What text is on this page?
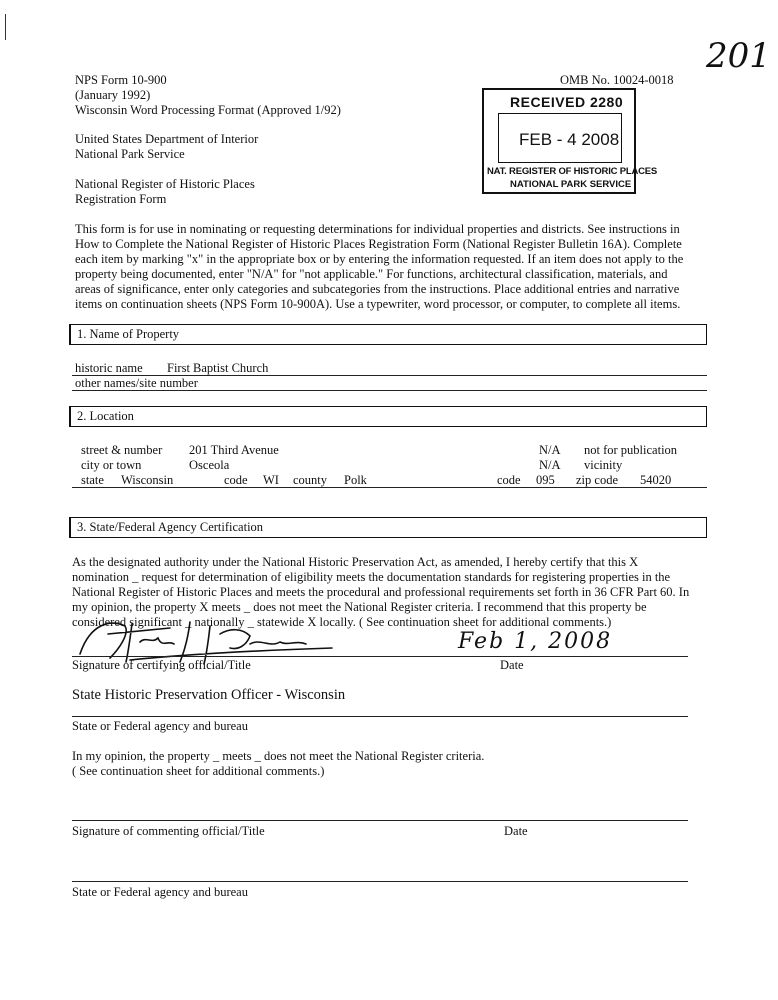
201
NPS Form 10-900
(January 1992)
Wisconsin Word Processing Format (Approved 1/92)
United States Department of Interior
National Park Service
National Register of Historic Places
Registration Form
OMB No. 10024-0018
RECEIVED 2280
FEB - 4 2008
NAT. REGISTER OF HISTORIC PLACES
NATIONAL PARK SERVICE
This form is for use in nominating or requesting determinations for individual properties and districts. See instructions in
How to Complete the National Register of Historic Places Registration Form (National Register Bulletin 16A). Complete
each item by marking "x" in the appropriate box or by entering the information requested. If an item does not apply to the
property being documented, enter "N/A" for "not applicable." For functions, architectural classification, materials, and
areas of significance, enter only categories and subcategories from the instructions. Place additional entries and narrative
items on continuation sheets (NPS Form 10-900A). Use a typewriter, word processor, or computer, to complete all items.
1. Name of Property
historic name First Baptist Church
other names/site number
2. Location
street & number 201 Third Avenue	N/A not for publication
city or town	Osceola	N/A vicinity
state Wisconsin	code WI county Polk	code 095 zip code 54020
3. State/Federal Agency Certification
As the designated authority under the National Historic Preservation Act, as amended, I hereby certify that this X
nomination _ request for determination of eligibility meets the documentation standards for registering properties in the
National Register of Historic Places and meets the procedural and professional requirements set forth in 36 CFR Part 60. In
my opinion, the property X meets _ does not meet the National Register criteria. I recommend that this property be
considered significant _ nationally _ statewide X locally. ( See continuation sheet for additional comments.)
Feb 1, 2008
Signature of certifying official/Title	Date
State Historic Preservation Officer - Wisconsin
State or Federal agency and bureau
In my opinion, the property _ meets _ does not meet the National Register criteria.
( See continuation sheet for additional comments.)
Signature of commenting official/Title	Date
State or Federal agency and bureau
